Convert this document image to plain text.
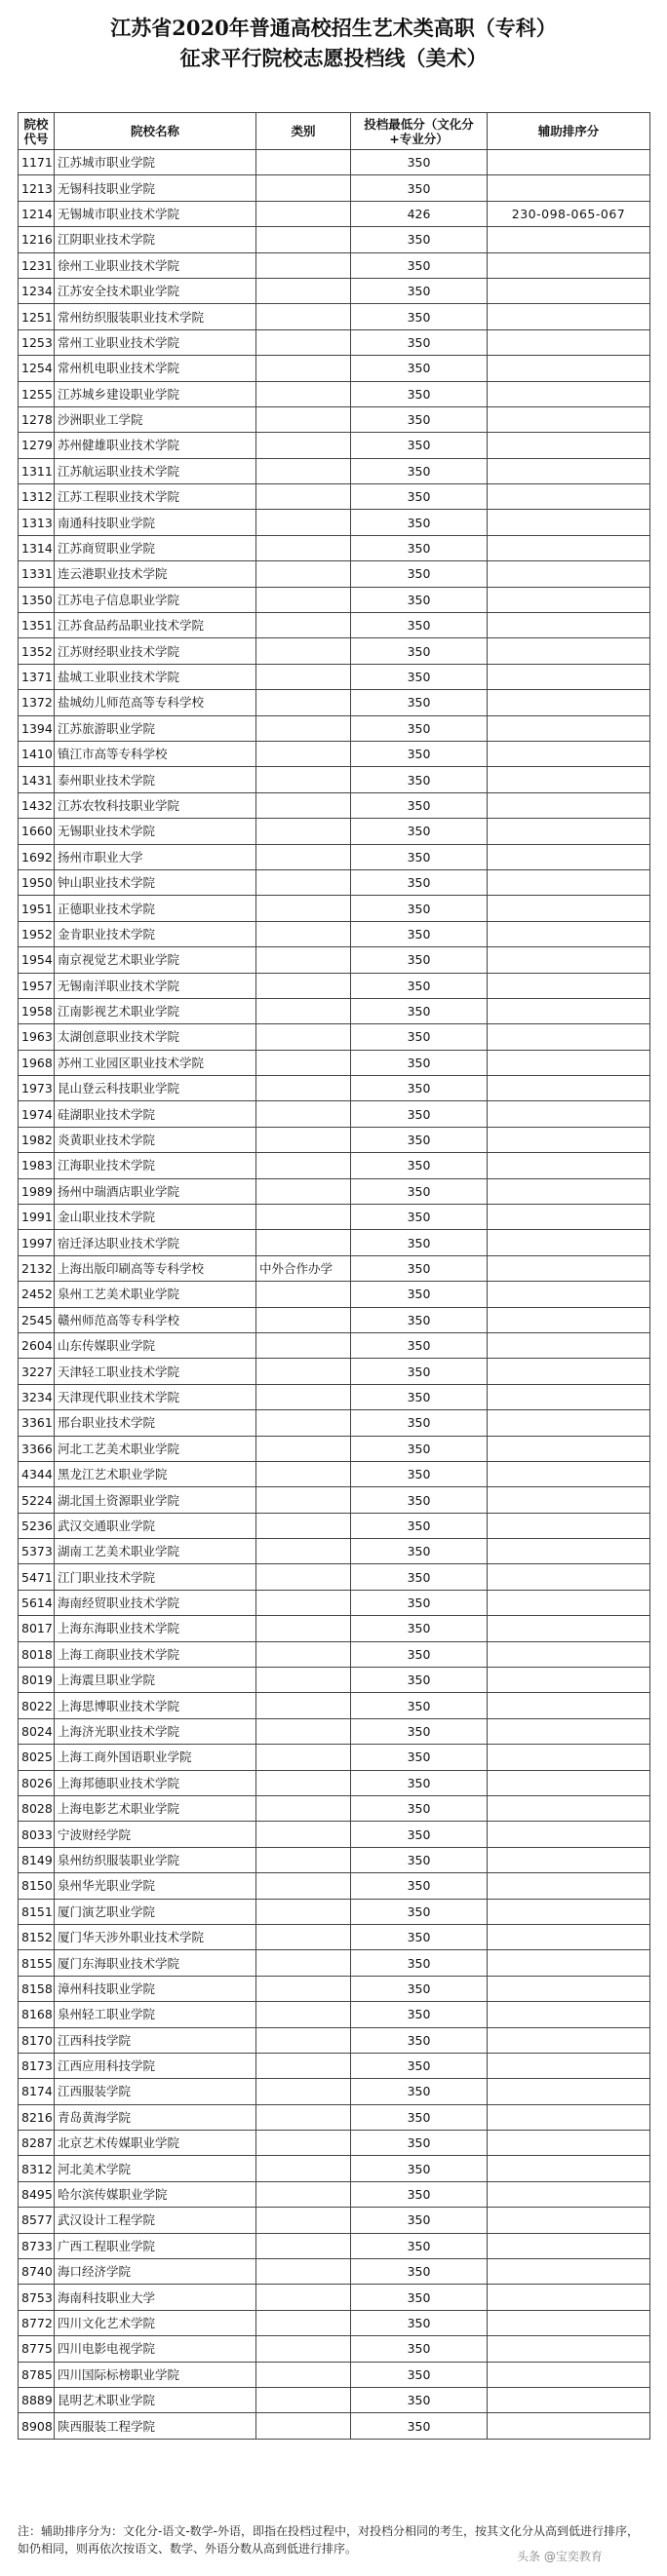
江苏省2020年普通高校招生艺术类高职（专科）
征求平行院校志愿投档线（美术）
院校代号	院校名称	类别	投档最低分（文化分+专业分）	辅助排序分
1171	江苏城市职业学院		350	
1213	无锡科技职业学院		350	
1214	无锡城市职业技术学院		426	230-098-065-067
1216	江阴职业技术学院		350	
1231	徐州工业职业技术学院		350	
1234	江苏安全技术职业学院		350	
1251	常州纺织服装职业技术学院		350	
1253	常州工业职业技术学院		350	
1254	常州机电职业技术学院		350	
1255	江苏城乡建设职业学院		350	
1278	沙洲职业工学院		350	
1279	苏州健雄职业技术学院		350	
1311	江苏航运职业技术学院		350	
1312	江苏工程职业技术学院		350	
1313	南通科技职业学院		350	
1314	江苏商贸职业学院		350	
1331	连云港职业技术学院		350	
1350	江苏电子信息职业学院		350	
1351	江苏食品药品职业技术学院		350	
1352	江苏财经职业技术学院		350	
1371	盐城工业职业技术学院		350	
1372	盐城幼儿师范高等专科学校		350	
1394	江苏旅游职业学院		350	
1410	镇江市高等专科学校		350	
1431	泰州职业技术学院		350	
1432	江苏农牧科技职业学院		350	
1660	无锡职业技术学院		350	
1692	扬州市职业大学		350	
1950	钟山职业技术学院		350	
1951	正德职业技术学院		350	
1952	金肯职业技术学院		350	
1954	南京视觉艺术职业学院		350	
1957	无锡南洋职业技术学院		350	
1958	江南影视艺术职业学院		350	
1963	太湖创意职业技术学院		350	
1968	苏州工业园区职业技术学院		350	
1973	昆山登云科技职业学院		350	
1974	硅湖职业技术学院		350	
1982	炎黄职业技术学院		350	
1983	江海职业技术学院		350	
1989	扬州中瑞酒店职业学院		350	
1991	金山职业技术学院		350	
1997	宿迁泽达职业技术学院		350	
2132	上海出版印刷高等专科学校	中外合作办学	350	
2452	泉州工艺美术职业学院		350	
2545	赣州师范高等专科学校		350	
2604	山东传媒职业学院		350	
3227	天津轻工职业技术学院		350	
3234	天津现代职业技术学院		350	
3361	邢台职业技术学院		350	
3366	河北工艺美术职业学院		350	
4344	黑龙江艺术职业学院		350	
5224	湖北国土资源职业学院		350	
5236	武汉交通职业学院		350	
5373	湖南工艺美术职业学院		350	
5471	江门职业技术学院		350	
5614	海南经贸职业技术学院		350	
8017	上海东海职业技术学院		350	
8018	上海工商职业技术学院		350	
8019	上海震旦职业学院		350	
8022	上海思博职业技术学院		350	
8024	上海济光职业技术学院		350	
8025	上海工商外国语职业学院		350	
8026	上海邦德职业技术学院		350	
8028	上海电影艺术职业学院		350	
8033	宁波财经学院		350	
8149	泉州纺织服装职业学院		350	
8150	泉州华光职业学院		350	
8151	厦门演艺职业学院		350	
8152	厦门华天涉外职业技术学院		350	
8155	厦门东海职业技术学院		350	
8158	漳州科技职业学院		350	
8168	泉州轻工职业学院		350	
8170	江西科技学院		350	
8173	江西应用科技学院		350	
8174	江西服装学院		350	
8216	青岛黄海学院		350	
8287	北京艺术传媒职业学院		350	
8312	河北美术学院		350	
8495	哈尔滨传媒职业学院		350	
8577	武汉设计工程学院		350	
8733	广西工程职业学院		350	
8740	海口经济学院		350	
8753	海南科技职业大学		350	
8772	四川文化艺术学院		350	
8775	四川电影电视学院		350	
8785	四川国际标榜职业学院		350	
8889	昆明艺术职业学院		350	
8908	陕西服装工程学院		350	
注：辅助排序分为：文化分-语文-数学-外语，即指在投档过程中，对投档分相同的考生，按其文化分从高到低进行排序，如仍相同，则再依次按语文、数学、外语分数从高到低进行排序。
头条 @宝奕教育
